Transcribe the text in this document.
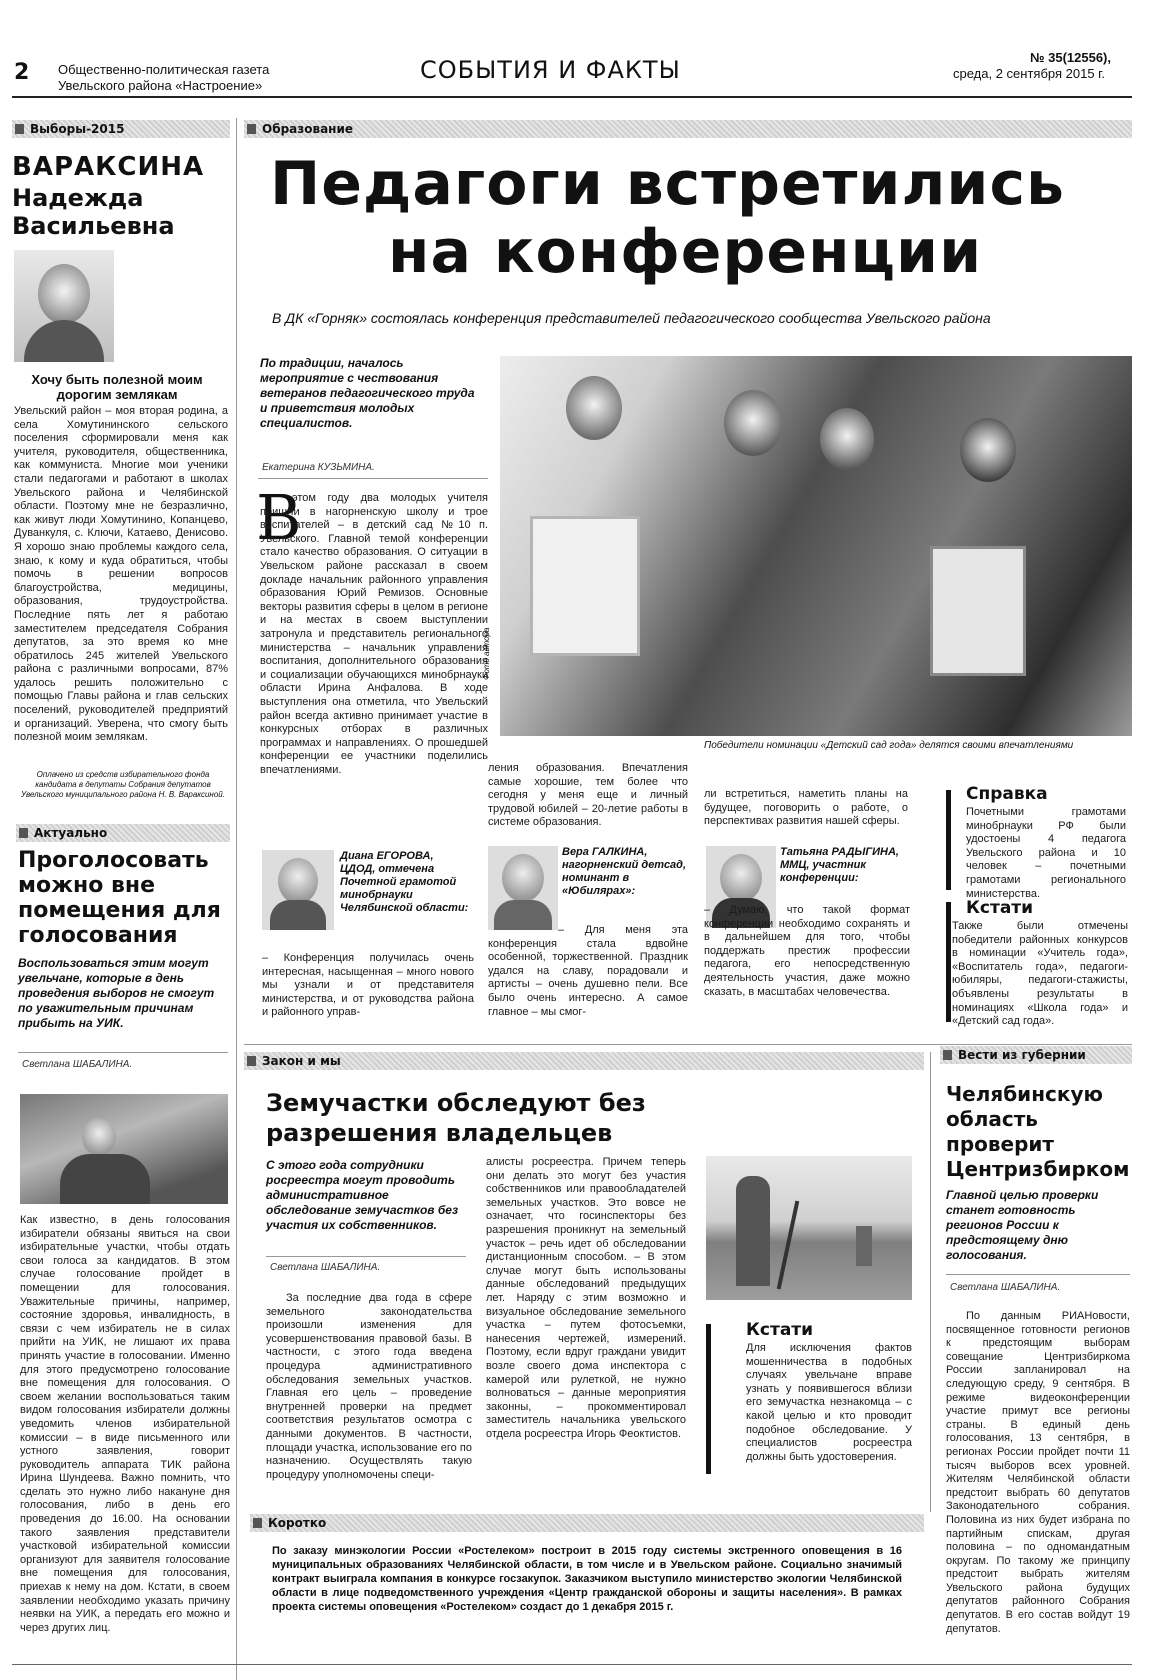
2 Общественно-политическая газета
Увельского района «Настроение»
СОБЫТИЯ И ФАКТЫ	№ 35(12556),
среда, 2 сентября 2015 г.
Выборы-2015
ВАРАКСИНА
Надежда
Васильевна
Хочу быть полезной моим дорогим землякам
Увельский район – моя вторая родина, а села Хомутининского сельского поселения сформировали меня как учителя, руководителя, общественника, как коммуниста. Многие мои ученики стали педагогами и работают в школах Увельского района и Челябинской области. Поэтому мне не безразлично, как живут люди Хомутинино, Копанцево, Дуванкуля, с. Ключи, Катаево, Денисово. Я хорошо знаю проблемы каждого села, знаю, к кому и куда обратиться, чтобы помочь в решении вопросов благоустройства, медицины, образования, трудоустройства. Последние пять лет я работаю заместителем председателя Собрания депутатов, за это время ко мне обратилось 245 жителей Увельского района с различными вопросами, 87% удалось решить положительно с помощью Главы района и глав сельских поселений, руководителей предприятий и организаций. Уверена, что смогу быть полезной моим землякам.
Оплачено из средств избирательного фонда кандидата в депутаты Собрания депутатов Увельского муниципального района Н. В. Вараксиной.
Актуально
Проголосовать можно вне помещения для голосования
Воспользоваться этим могут увельчане, которые в день проведения выборов не смогут по уважительным причинам прибыть на УИК.
Светлана ШАБАЛИНА.
Как известно, в день голосования избиратели обязаны явиться на свои избирательные участки, чтобы отдать свои голоса за кандидатов. В этом случае голосование пройдет в помещении для голосования. Уважительные причины, например, состояние здоровья, инвалидность, в связи с чем избиратель не в силах прийти на УИК, не лишают их права принять участие в голосовании. Именно для этого предусмотрено голосование вне помещения для голосования. О своем желании воспользоваться таким видом голосования избиратели должны уведомить членов избирательной комиссии – в виде письменного или устного заявления, говорит руководитель аппарата ТИК района Ирина Шундеева. Важно помнить, что сделать это нужно либо накануне дня голосования, либо в день его проведения до 16.00. На основании такого заявления представители участковой избирательной комиссии организуют для заявителя голосование вне помещения для голосования, приехав к нему на дом. Кстати, в своем заявлении необходимо указать причину неявки на УИК, а передать его можно и через других лиц.
Образование
Педагоги встретились
на конференции
В ДК «Горняк» состоялась конференция представителей педагогического сообщества Увельского района
По традиции, началось мероприятие с чествования ветеранов педагогического труда и приветствия молодых специалистов.
Екатерина КУЗЬМИНА.
В
этом году два молодых учителя пришли в нагорненскую школу и трое воспитателей – в детский сад №10 п. Увельского. Главной темой конференции стало качество образования. О ситуации в Увельском районе рассказал в своем докладе начальник районного управления образования Юрий Ремизов. Основные векторы развития сферы в целом в регионе и на местах в своем выступлении затронула и представитель регионального министерства – начальник управления воспитания, дополнительного образования и социализации обучающихся минобрнауки области Ирина Анфалова. В ходе выступления она отметила, что Увельский район всегда активно принимает участие в конкурсных отборах в различных программах и направлениях. О прошедшей конференции ее участники поделились впечатлениями.
Фото автора
Победители номинации «Детский сад года» делятся своими впечатлениями
ления образования. Впечатления самые хорошие, тем более что сегодня у меня еще и личный трудовой юбилей – 20-летие работы в системе образования.
ли встретиться, наметить планы на будущее, поговорить о работе, о перспективах развития нашей сферы.
Диана ЕГОРОВА, ЦДОД, отмечена Почетной грамотой минобрнауки Челябинской области:
– Конференция получилась очень интересная, насыщенная – много нового мы узнали и от представителя министерства, и от руководства района и районного управ-
Вера ГАЛКИНА, нагорненский детсад, номинант в «Юбилярах»:
– Для меня эта конференция стала вдвойне особенной, торжественной. Праздник удался на славу, порадовали и артисты – очень душевно пели. Все было очень интересно. А самое главное – мы смог-
Татьяна РАДЫГИНА, ММЦ, участник конференции:
– Думаю, что такой формат конференции необходимо сохранять и в дальнейшем для того, чтобы поддержать престиж профессии педагога, его непосредственную деятельность участия, даже можно сказать, в масштабах человечества.
Справка
Почетными грамотами минобрнауки РФ были удостоены 4 педагога Увельского района и 10 человек – почетными грамотами регионального министерства.
Кстати
Также были отмечены победители районных конкурсов в номинации «Учитель года», «Воспитатель года», педагоги-юбиляры, педагоги-стажисты, объявлены результаты в номинациях «Школа года» и «Детский сад года».
Закон и мы
Земучастки обследуют без разрешения владельцев
С этого года сотрудники росреестра могут проводить административное обследование земучастков без участия их собственников.
Светлана ШАБАЛИНА.
За последние два года в сфере земельного законодательства произошли изменения для усовершенствования правовой базы. В частности, с этого года введена процедура административного обследования земельных участков. Главная его цель – проведение внутренней проверки на предмет соответствия результатов осмотра с данными документов. В частности, площади участка, использование его по назначению. Осуществлять такую процедуру уполномочены специ-
алисты росреестра. Причем теперь они делать это могут без участия собственников или правообладателей земельных участков. Это вовсе не означает, что госинспекторы без разрешения проникнут на земельный участок – речь идет об обследовании дистанционным способом. – В этом случае могут быть использованы данные обследований предыдущих лет. Наряду с этим возможно и визуальное обследование земельного участка – путем фотосъемки, нанесения чертежей, измерений. Поэтому, если вдруг граждани увидит возле своего дома инспектора с камерой или рулеткой, не нужно волноваться – данные мероприятия законны, – прокомментировал заместитель начальника увельского отдела росреестра Игорь Феоктистов.
Кстати
Для исключения фактов мошенничества в подобных случаях увельчане вправе узнать у появившегося вблизи его земучастка незнакомца – с какой целью и кто проводит подобное обследование. У специалистов росреестра должны быть удостоверения.
Вести из губернии
Челябинскую область проверит Центризбирком
Главной целью проверки станет готовность регионов России к предстоящему дню голосования.
Светлана ШАБАЛИНА.
По данным РИАНовости, посвященное готовности регионов к предстоящим выборам совещание Центризбиркома России запланировал на следующую среду, 9 сентября. В режиме видеоконференции участие примут все регионы страны. В единый день голосования, 13 сентября, в регионах России пройдет почти 11 тысяч выборов всех уровней. Жителям Челябинской области предстоит выбрать 60 депутатов Законодательного собрания. Половина из них будет избрана по партийным спискам, другая половина – по одномандатным округам. По такому же принципу предстоит выбрать жителям Увельского района будущих депутатов районного Собрания депутатов. В его состав войдут 19 депутатов.
Коротко
По заказу минэкологии России «Ростелеком» построит в 2015 году системы экстренного оповещения в 16 муниципальных образованиях Челябинской области, в том числе и в Увельском районе. Социально значимый контракт выиграла компания в конкурсе госзакупок. Заказчиком выступило министерство экологии Челябинской области в лице подведомственного учреждения «Центр гражданской обороны и защиты населения». В рамках проекта системы оповещения «Ростелеком» создаст до 1 декабря 2015 г.
